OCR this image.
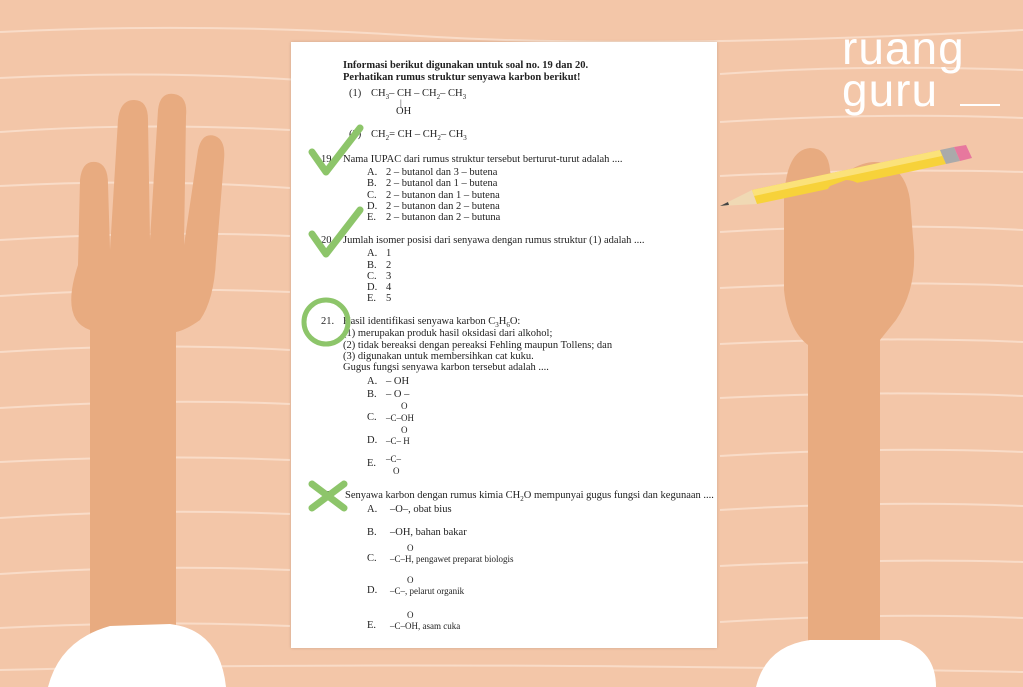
ruang
guru
Informasi berikut digunakan untuk soal no. 19 dan 20.
Perhatikan rumus struktur senyawa karbon berikut!
(1) $CH_3-$ CH – $CH_2-$ $CH_3$
|
OH
(2) $CH_2=$ CH – $CH_2-$ $CH_3$
19. Nama IUPAC dari rumus struktur tersebut berturut-turut adalah ....
A. 2 – butanol dan 3 – butena
B. 2 – butanol dan 1 – butena
C. 2 – butanon dan 1 – butena
D. 2 – butanon dan 2 – butena
E. 2 – butanon dan 2 – butuna
20. Jumlah isomer posisi dari senyawa dengan rumus struktur (1) adalah ....
A. 1
B. 2
C. 3
D. 4
E. 5
21. Hasil identifikasi senyawa karbon $C_3H_6O$:
(1) merupakan produk hasil oksidasi dari alkohol;
(2) tidak bereaksi dengan pereaksi Fehling maupun Tollens; dan
(3) digunakan untuk membersihkan cat kuku.
Gugus fungsi senyawa karbon tersebut adalah ....
A. – OH
B. – O –
O
C. –C–OH
O
D. –C– H
E. –C–
O
22. Senyawa karbon dengan rumus kimia $CH_2O$ mempunyai gugus fungsi dan kegunaan ....
A. –O–, obat bius
B. –OH, bahan bakar
O
C. –C–H, pengawet preparat biologis
O
D. –C–, pelarut organik
O
E. –C–OH, asam cuka
